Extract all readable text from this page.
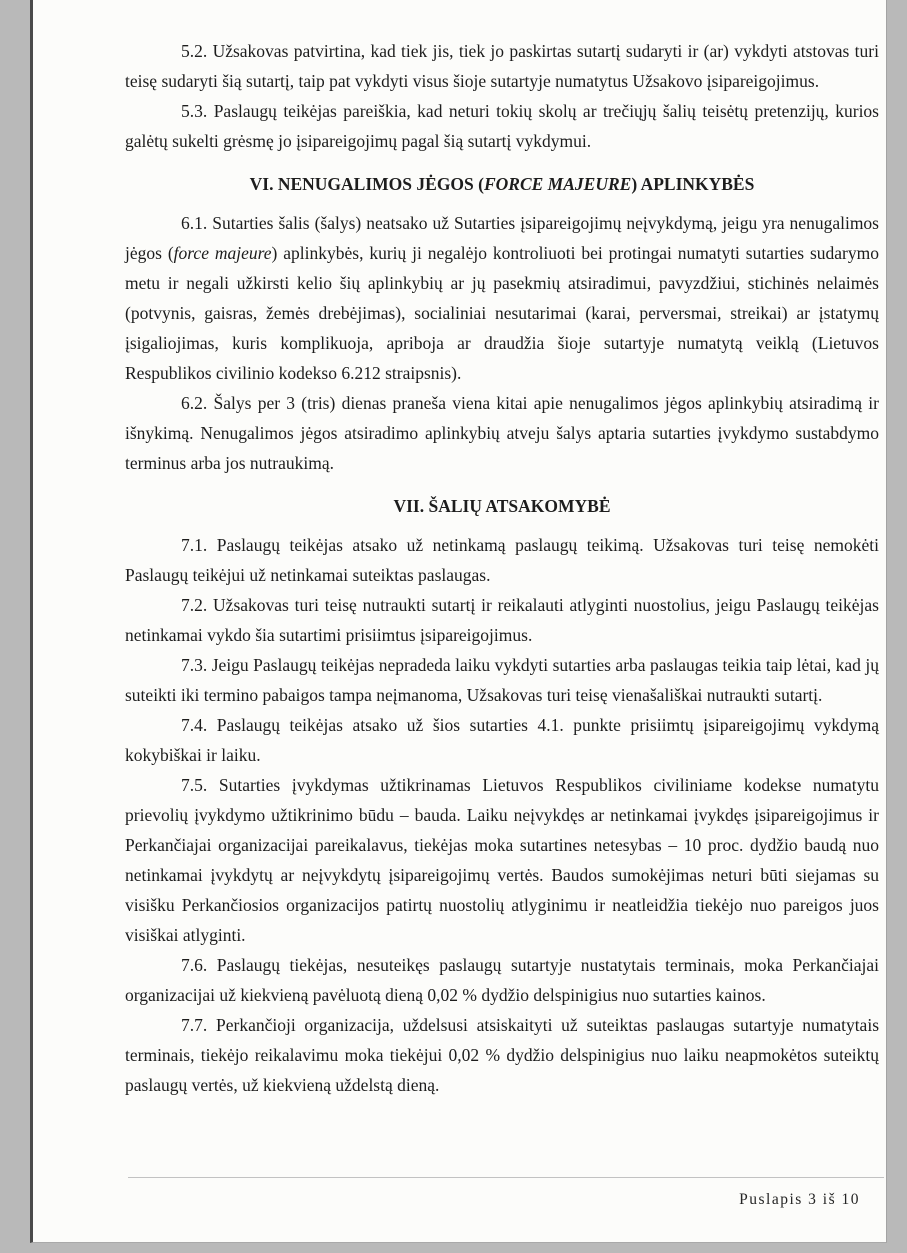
5.2. Užsakovas patvirtina, kad tiek jis, tiek jo paskirtas sutartį sudaryti ir (ar) vykdyti atstovas turi teisę sudaryti šią sutartį, taip pat vykdyti visus šioje sutartyje numatytus Užsakovo įsipareigojimus.

5.3. Paslaugų teikėjas pareiškia, kad neturi tokių skolų ar trečiųjų šalių teisėtų pretenzijų, kurios galėtų sukelti grėsmę jo įsipareigojimų pagal šią sutartį vykdymui.

VI. NENUGALIMOS JĖGOS (FORCE MAJEURE) APLINKYBĖS

6.1. Sutarties šalis (šalys) neatsako už Sutarties įsipareigojimų neįvykdymą, jeigu yra nenugalimos jėgos (force majeure) aplinkybės, kurių ji negalėjo kontroliuoti bei protingai numatyti sutarties sudarymo metu ir negali užkirsti kelio šių aplinkybių ar jų pasekmių atsiradimui, pavyzdžiui, stichinės nelaimės (potvynis, gaisras, žemės drebėjimas), socialiniai nesutarimai (karai, perversmai, streikai) ar įstatymų įsigaliojimas, kuris komplikuoja, apriboja ar draudžia šioje sutartyje numatytą veiklą (Lietuvos Respublikos civilinio kodekso 6.212 straipsnis).

6.2. Šalys per 3 (tris) dienas praneša viena kitai apie nenugalimos jėgos aplinkybių atsiradimą ir išnykimą. Nenugalimos jėgos atsiradimo aplinkybių atveju šalys aptaria sutarties įvykdymo sustabdymo terminus arba jos nutraukimą.

VII. ŠALIŲ ATSAKOMYBĖ

7.1. Paslaugų teikėjas atsako už netinkamą paslaugų teikimą. Užsakovas turi teisę nemokėti Paslaugų teikėjui už netinkamai suteiktas paslaugas.

7.2. Užsakovas turi teisę nutraukti sutartį ir reikalauti atlyginti nuostolius, jeigu Paslaugų teikėjas netinkamai vykdo šia sutartimi prisiimtus įsipareigojimus.

7.3. Jeigu Paslaugų teikėjas nepradeda laiku vykdyti sutarties arba paslaugas teikia taip lėtai, kad jų suteikti iki termino pabaigos tampa neįmanoma, Užsakovas turi teisę vienašališkai nutraukti sutartį.

7.4. Paslaugų teikėjas atsako už šios sutarties 4.1. punkte prisiimtų įsipareigojimų vykdymą kokybiškai ir laiku.

7.5. Sutarties įvykdymas užtikrinamas Lietuvos Respublikos civiliniame kodekse numatytu prievolių įvykdymo užtikrinimo būdu – bauda. Laiku neįvykdęs ar netinkamai įvykdęs įsipareigojimus ir Perkančiajai organizacijai pareikalavus, tiekėjas moka sutartines netesybas – 10 proc. dydžio baudą nuo netinkamai įvykdytų ar neįvykdytų įsipareigojimų vertės. Baudos sumokėjimas neturi būti siejamas su visišku Perkančiosios organizacijos patirtų nuostolių atlyginimu ir neatleidžia tiekėjo nuo pareigos juos visiškai atlyginti.

7.6. Paslaugų tiekėjas, nesuteikęs paslaugų sutartyje nustatytais terminais, moka Perkančiajai organizacijai už kiekvieną pavėluotą dieną 0,02 % dydžio delspinigius nuo sutarties kainos.

7.7. Perkančioji organizacija, uždelsusi atsiskaityti už suteiktas paslaugas sutartyje numatytais terminais, tiekėjo reikalavimu moka tiekėjui 0,02 % dydžio delspinigius nuo laiku neapmokėtos suteiktų paslaugų vertės, už kiekvieną uždelstą dieną.

Puslapis 3 iš 10
